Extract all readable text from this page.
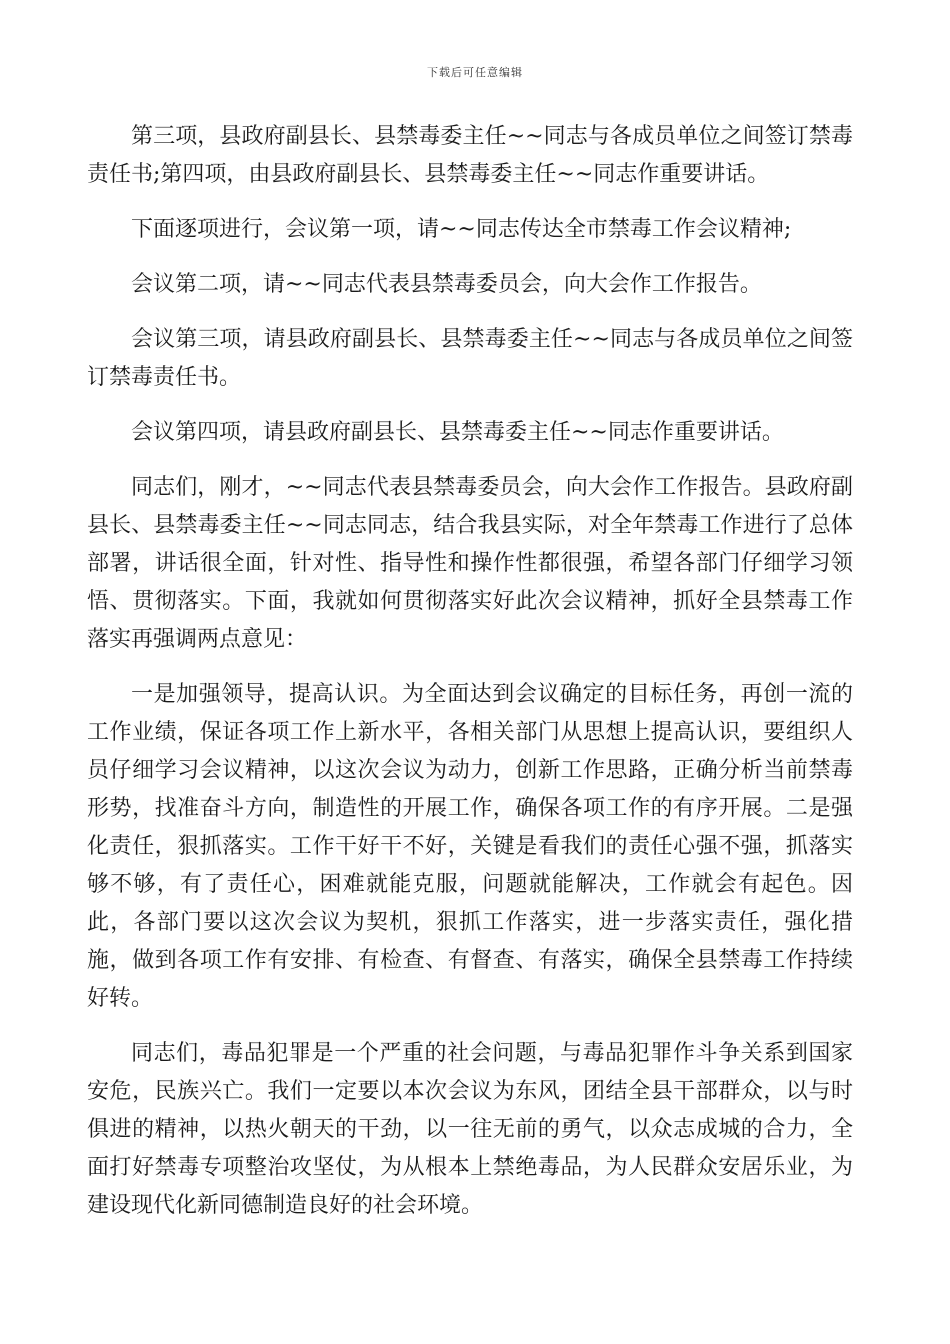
下载后可任意编辑

第三项，县政府副县长、县禁毒委主任~~同志与各成员单位之间签订禁毒责任书;第四项，由县政府副县长、县禁毒委主任~~同志作重要讲话。

下面逐项进行，会议第一项，请~~同志传达全市禁毒工作会议精神;

会议第二项，请~~同志代表县禁毒委员会，向大会作工作报告。

会议第三项，请县政府副县长、县禁毒委主任~~同志与各成员单位之间签订禁毒责任书。

会议第四项，请县政府副县长、县禁毒委主任~~同志作重要讲话。

同志们，刚才，~~同志代表县禁毒委员会，向大会作工作报告。县政府副县长、县禁毒委主任~~同志同志，结合我县实际，对全年禁毒工作进行了总体部署，讲话很全面，针对性、指导性和操作性都很强，希望各部门仔细学习领悟、贯彻落实。下面，我就如何贯彻落实好此次会议精神，抓好全县禁毒工作落实再强调两点意见：

一是加强领导，提高认识。为全面达到会议确定的目标任务，再创一流的工作业绩，保证各项工作上新水平，各相关部门从思想上提高认识，要组织人员仔细学习会议精神，以这次会议为动力，创新工作思路，正确分析当前禁毒形势，找准奋斗方向，制造性的开展工作，确保各项工作的有序开展。二是强化责任，狠抓落实。工作干好干不好，关键是看我们的责任心强不强，抓落实够不够，有了责任心，困难就能克服，问题就能解决，工作就会有起色。因此，各部门要以这次会议为契机，狠抓工作落实，进一步落实责任，强化措施，做到各项工作有安排、有检查、有督查、有落实，确保全县禁毒工作持续好转。

同志们，毒品犯罪是一个严重的社会问题，与毒品犯罪作斗争关系到国家安危，民族兴亡。我们一定要以本次会议为东风，团结全县干部群众，以与时俱进的精神，以热火朝天的干劲，以一往无前的勇气，以众志成城的合力，全面打好禁毒专项整治攻坚仗，为从根本上禁绝毒品，为人民群众安居乐业，为建设现代化新同德制造良好的社会环境。
